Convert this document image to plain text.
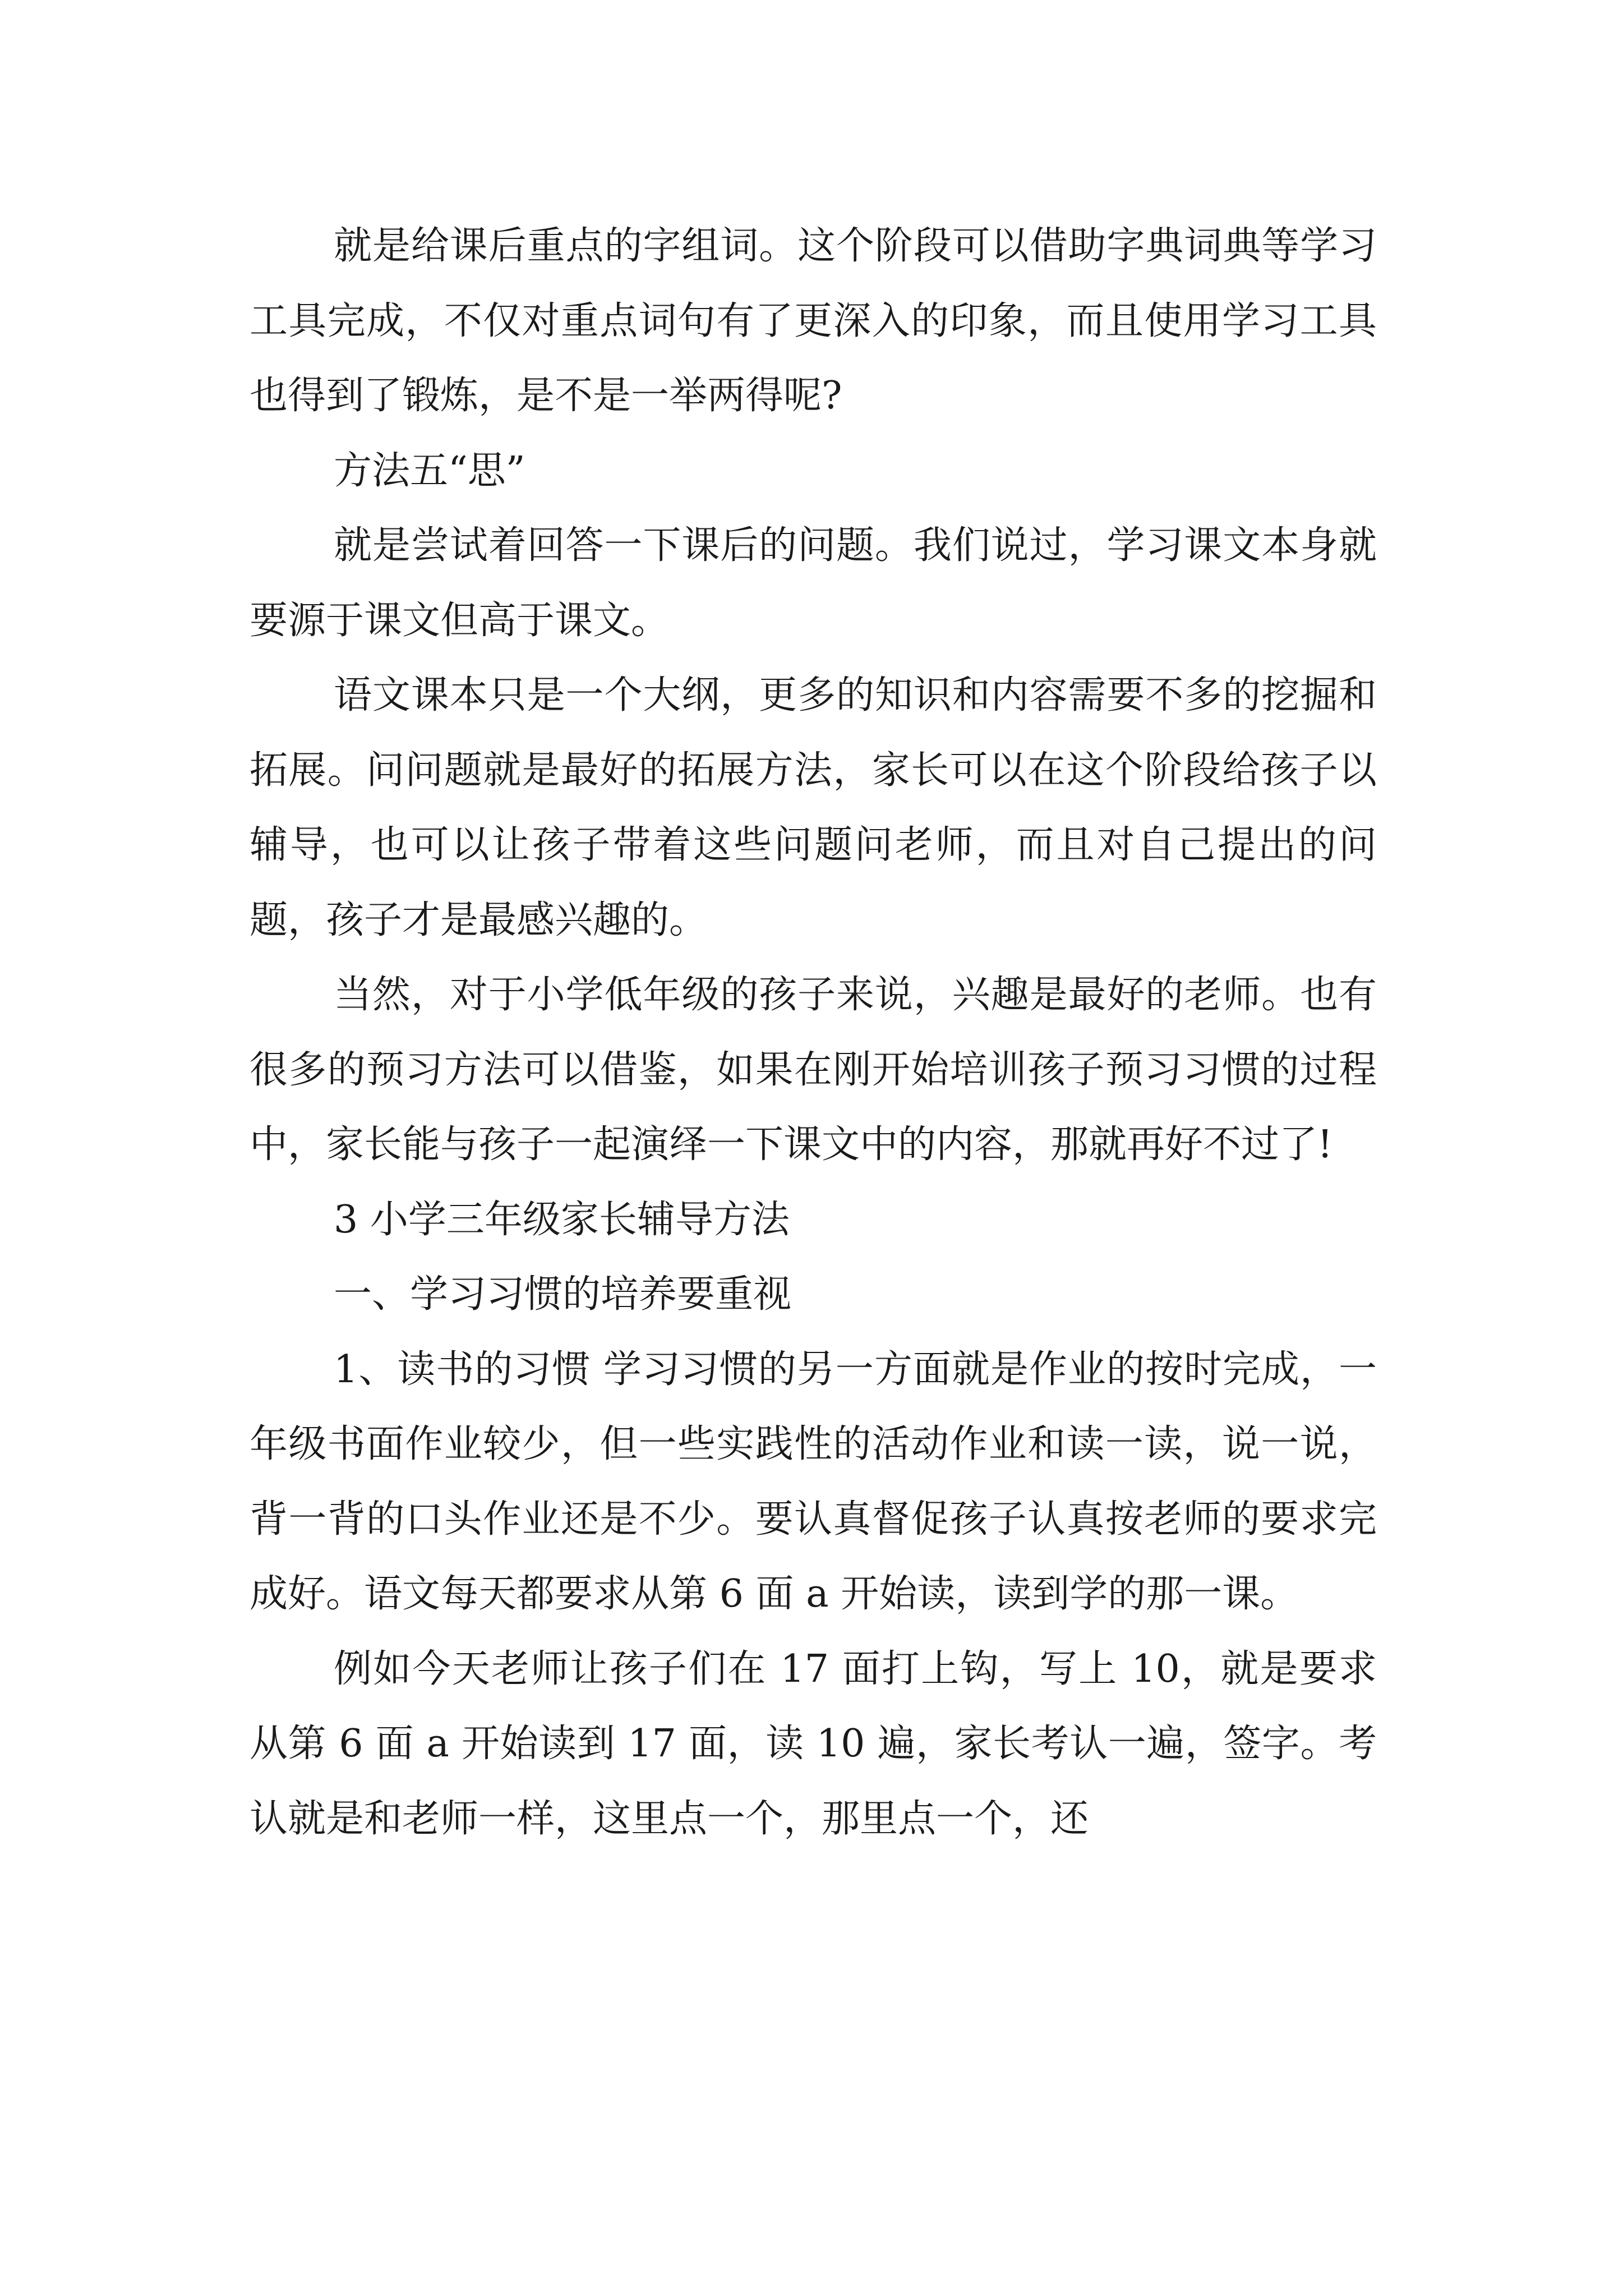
就是给课后重点的字组词。这个阶段可以借助字典词典等学习工具完成，不仅对重点词句有了更深入的印象，而且使用学习工具也得到了锻炼，是不是一举两得呢?

方法五“思”

就是尝试着回答一下课后的问题。我们说过，学习课文本身就要源于课文但高于课文。

语文课本只是一个大纲，更多的知识和内容需要不多的挖掘和拓展。问问题就是最好的拓展方法，家长可以在这个阶段给孩子以辅导，也可以让孩子带着这些问题问老师，而且对自己提出的问题，孩子才是最感兴趣的。

当然，对于小学低年级的孩子来说，兴趣是最好的老师。也有很多的预习方法可以借鉴，如果在刚开始培训孩子预习习惯的过程中，家长能与孩子一起演绎一下课文中的内容，那就再好不过了!

3 小学三年级家长辅导方法

一、学习习惯的培养要重视

1、读书的习惯 学习习惯的另一方面就是作业的按时完成，一年级书面作业较少，但一些实践性的活动作业和读一读，说一说，背一背的口头作业还是不少。要认真督促孩子认真按老师的要求完成好。语文每天都要求从第 6 面 a 开始读，读到学的那一课。

例如今天老师让孩子们在 17 面打上钩，写上 10，就是要求从第 6 面 a 开始读到 17 面，读 10 遍，家长考认一遍，签字。考认就是和老师一样，这里点一个，那里点一个，还
